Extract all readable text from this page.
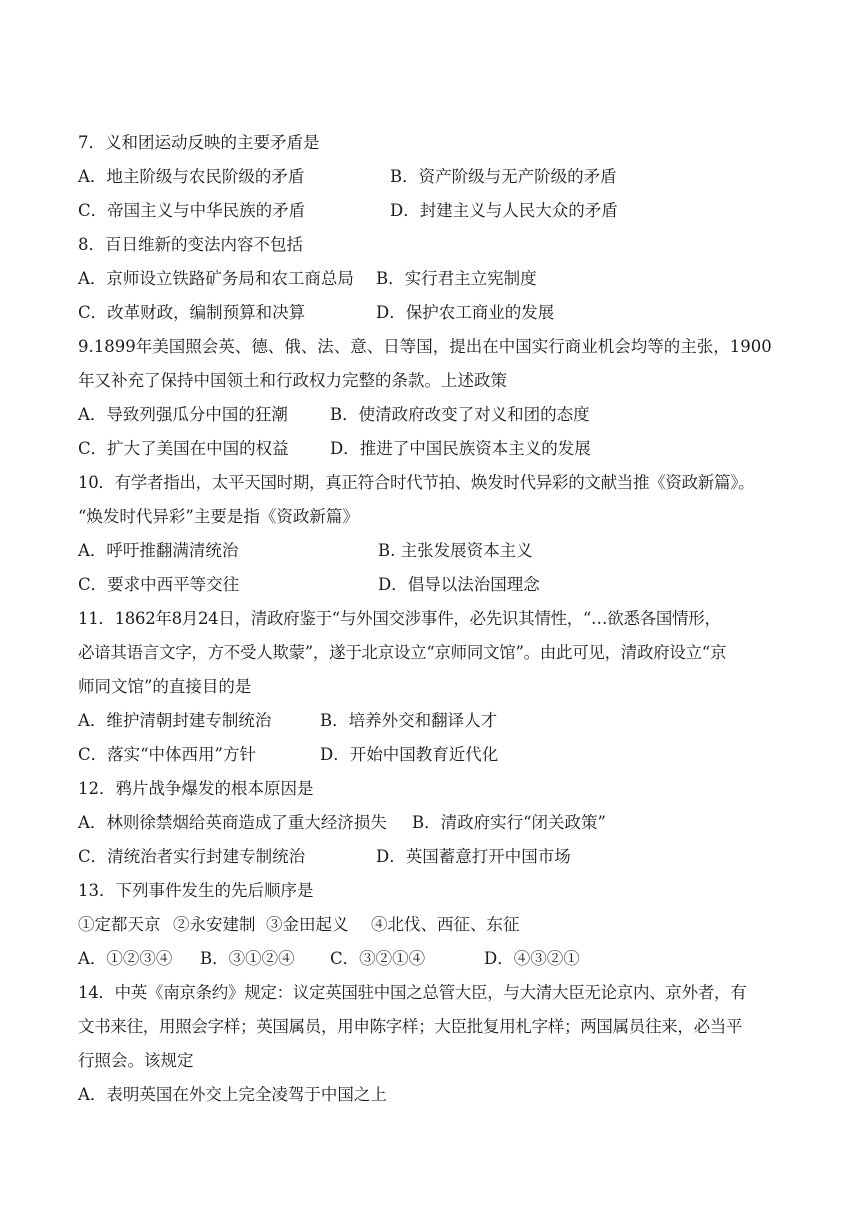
7．义和团运动反映的主要矛盾是
A．地主阶级与农民阶级的矛盾	B．资产阶级与无产阶级的矛盾
C．帝国主义与中华民族的矛盾	D．封建主义与人民大众的矛盾
8．百日维新的变法内容不包括
A．京师设立铁路矿务局和农工商总局 B．实行君主立宪制度
C．改革财政，编制预算和决算	D．保护农工商业的发展
9.1899年美国照会英、德、俄、法、意、日等国，提出在中国实行商业机会均等的主张，1900
年又补充了保持中国领土和行政权力完整的条款。上述政策
A．导致列强瓜分中国的狂潮	B．使清政府改变了对义和团的态度
C．扩大了美国在中国的权益	D．推进了中国民族资本主义的发展
10．有学者指出，太平天国时期，真正符合时代节拍、焕发时代异彩的文献当推《资政新篇》。
“焕发时代异彩”主要是指《资政新篇》
A．呼吁推翻满清统治	B. 主张发展资本主义
C．要求中西平等交往	D．倡导以法治国理念
11．1862年8月24日，清政府鉴于“与外国交涉事件，必先识其情性，“…欲悉各国情形，
必谙其语言文字，方不受人欺蒙”，遂于北京设立“京师同文馆”。由此可见，清政府设立“京
师同文馆”的直接目的是
A．维护清朝封建专制统治	B．培养外交和翻译人才
C．落实“中体西用”方针	D．开始中国教育近代化
12．鸦片战争爆发的根本原因是
A．林则徐禁烟给英商造成了重大经济损失 B．清政府实行“闭关政策”
C．清统治者实行封建专制统治	D．英国蓄意打开中国市场
13．下列事件发生的先后顺序是
①定都天京 ②永安建制 ③金田起义 ④北伐、西征、东征
A．①②③④ B．③①②④ C．③②①④	D．④③②①
14．中英《南京条约》规定：议定英国驻中国之总管大臣，与大清大臣无论京内、京外者，有
文书来往，用照会字样；英国属员，用申陈字样；大臣批复用札字样；两国属员往来，必当平
行照会。该规定
A．表明英国在外交上完全凌驾于中国之上
